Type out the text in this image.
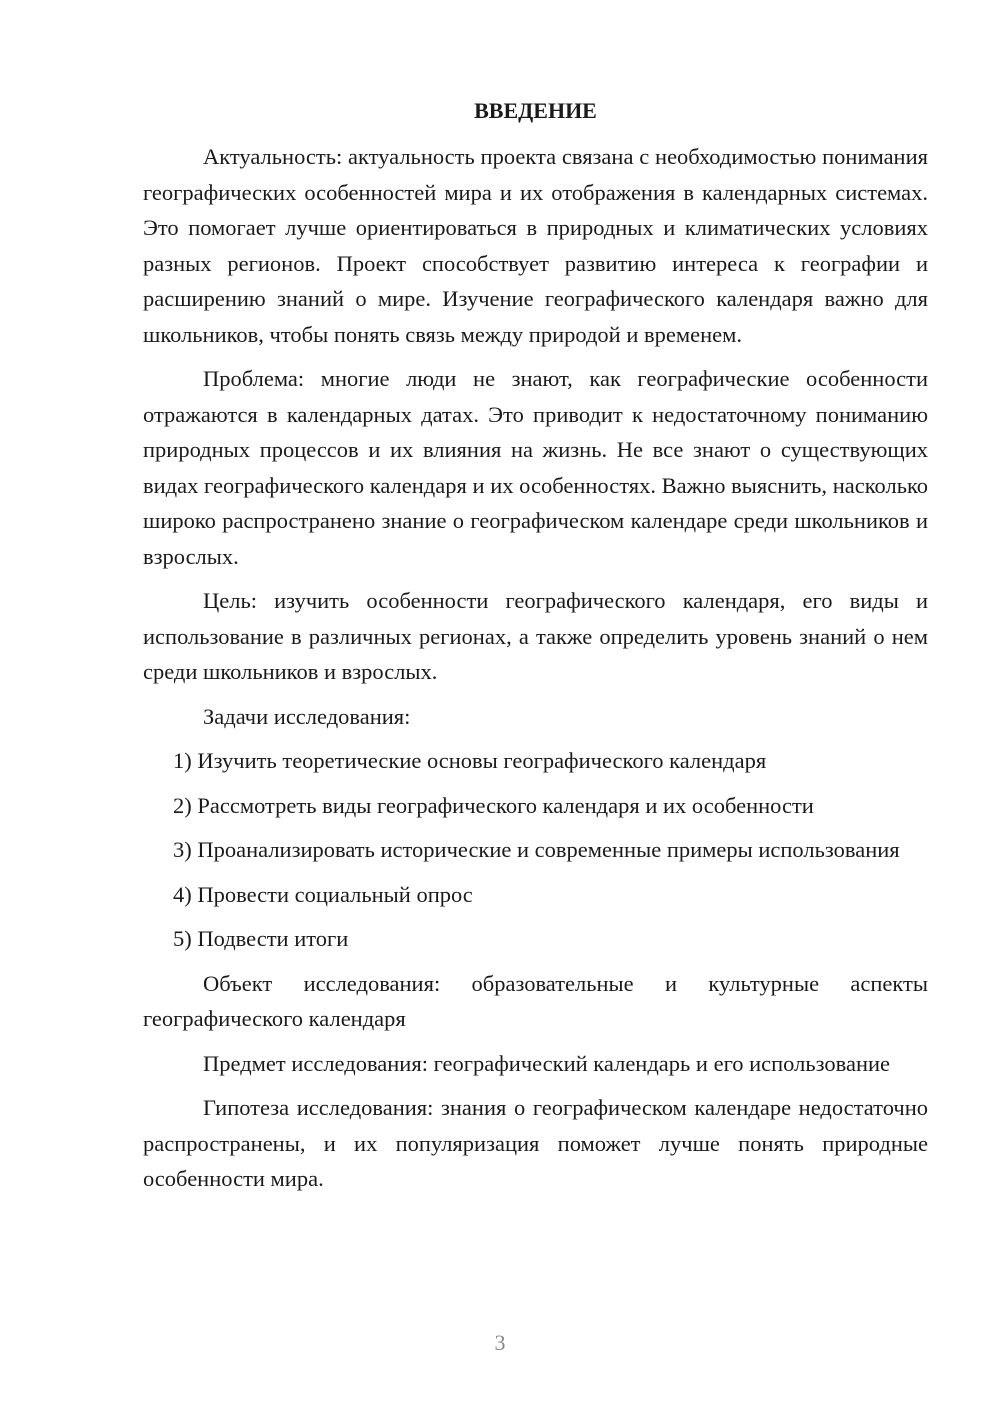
ВВЕДЕНИЕ

Актуальность: актуальность проекта связана с необходимостью понимания географических особенностей мира и их отображения в календарных системах. Это помогает лучше ориентироваться в природных и климатических условиях разных регионов. Проект способствует развитию интереса к географии и расширению знаний о мире. Изучение географического календаря важно для школьников, чтобы понять связь между природой и временем.

Проблема: многие люди не знают, как географические особенности отражаются в календарных датах. Это приводит к недостаточному пониманию природных процессов и их влияния на жизнь. Не все знают о существующих видах географического календаря и их особенностях. Важно выяснить, насколько широко распространено знание о географическом календаре среди школьников и взрослых.

Цель: изучить особенности географического календаря, его виды и использование в различных регионах, а также определить уровень знаний о нем среди школьников и взрослых.

Задачи исследования:

1) Изучить теоретические основы географического календаря

2) Рассмотреть виды географического календаря и их особенности

3) Проанализировать исторические и современные примеры использования

4) Провести социальный опрос

5) Подвести итоги

Объект исследования: образовательные и культурные аспекты географического календаря

Предмет исследования: географический календарь и его использование

Гипотеза исследования: знания о географическом календаре недостаточно распространены, и их популяризация поможет лучше понять природные особенности мира.

3
